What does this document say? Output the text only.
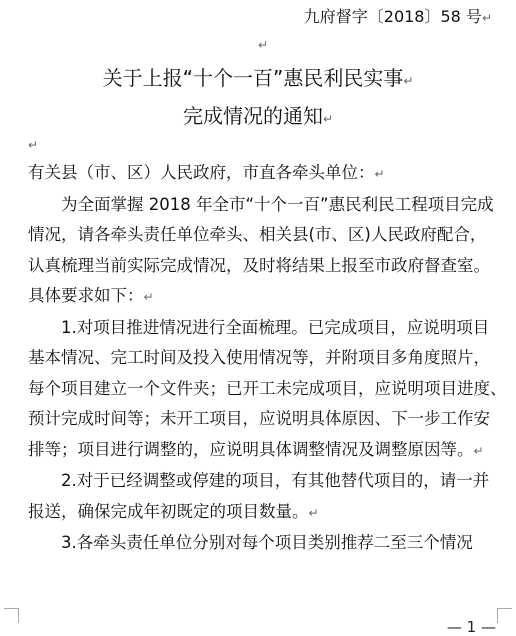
九府督字〔2018〕58 号↵
↵
关于上报“十个一百”惠民利民实事↵
完成情况的通知↵
↵
有关县（市、区）人民政府，市直各牵头单位：↵
为全面掌握 2018 年全市“十个一百”惠民利民工程项目完成
情况，请各牵头责任单位牵头、相关县(市、区)人民政府配合，
认真梳理当前实际完成情况，及时将结果上报至市政府督查室。
具体要求如下：↵
1.对项目推进情况进行全面梳理。已完成项目，应说明项目
基本情况、完工时间及投入使用情况等，并附项目多角度照片，
每个项目建立一个文件夹；已开工未完成项目，应说明项目进度、
预计完成时间等；未开工项目，应说明具体原因、下一步工作安
排等；项目进行调整的，应说明具体调整情况及调整原因等。↵
2.对于已经调整或停建的项目，有其他替代项目的，请一并
报送，确保完成年初既定的项目数量。↵
3.各牵头责任单位分别对每个项目类别推荐二至三个情况
— 1 —
